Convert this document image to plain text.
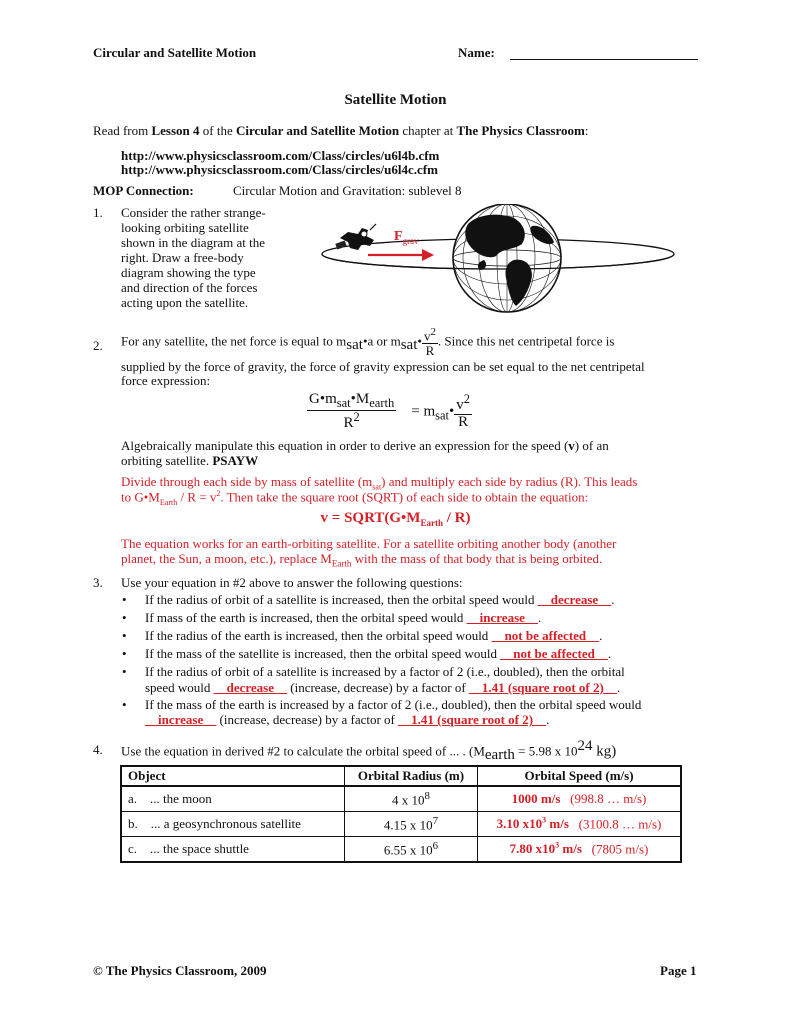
Circular and Satellite Motion	Name:
Satellite Motion
Read from Lesson 4 of the Circular and Satellite Motion chapter at The Physics Classroom:
http://www.physicsclassroom.com/Class/circles/u6l4b.cfm
http://www.physicsclassroom.com/Class/circles/u6l4c.cfm
MOP Connection:	Circular Motion and Gravitation: sublevel 8
1. Consider the rather strange-
looking orbiting satellite
shown in the diagram at the
right. Draw a free-body
diagram showing the type
and direction of the forces
acting upon the satellite.
$F_{grav}$
2. For any satellite, the net force is equal to $m_{sat}•a$ or $m_{sat}• \frac{v^2}{R}$ . Since this net centripetal force is
supplied by the force of gravity, the force of gravity expression can be set equal to the net centripetal
force expression:
$\frac{G•m_{sat}•M_{earth}}{R^2}$ = $m_{sat}• \frac{v^2}{R}$
Algebraically manipulate this equation in order to derive an expression for the speed (v) of an
orbiting satellite. PSAYW
Divide through each side by mass of satellite $(m_{sat})$ and multiply each side by radius (R). This leads
to $G•M_{Earth} / R = v^2$. Then take the square root (SQRT) of each side to obtain the equation:
$v = SQRT(G•M_{Earth} / R)$
The equation works for an earth-orbiting satellite. For a satellite orbiting another body (another
planet, the Sun, a moon, etc.), replace $M_{Earth}$ with the mass of that body that is being orbited.
3. Use your equation in #2 above to answer the following questions:
• If the radius of orbit of a satellite is increased, then the orbital speed would __decrease__.
• If mass of the earth is increased, then the orbital speed would __increase__.
• If the radius of the earth is increased, then the orbital speed would __not be affected__.
• If the mass of the satellite is increased, then the orbital speed would __not be affected__.
• If the radius of orbit of a satellite is increased by a factor of 2 (i.e., doubled), then the orbital
speed would __decrease__ (increase, decrease) by a factor of __1.41 (square root of 2)__.
• If the mass of the earth is increased by a factor of 2 (i.e., doubled), then the orbital speed would
__increase__ (increase, decrease) by a factor of __1.41 (square root of 2)__.
4. Use the equation in derived #2 to calculate the orbital speed of ... . ($M_{earth} = 5.98$ x $10^{24}$ kg)
Object	Orbital Radius (m)	Orbital Speed (m/s)
a. ... the moon	4 x $10^8$	1000 m/s (998.8 … m/s)
b. ... a geosynchronous satellite	4.15 x $10^7$	3.10 $x10^3$ m/s (3100.8 … m/s)
c. ... the space shuttle	6.55 x $10^6$	7.80 $x10^3$ m/s (7805 m/s)
© The Physics Classroom, 2009	Page 1
